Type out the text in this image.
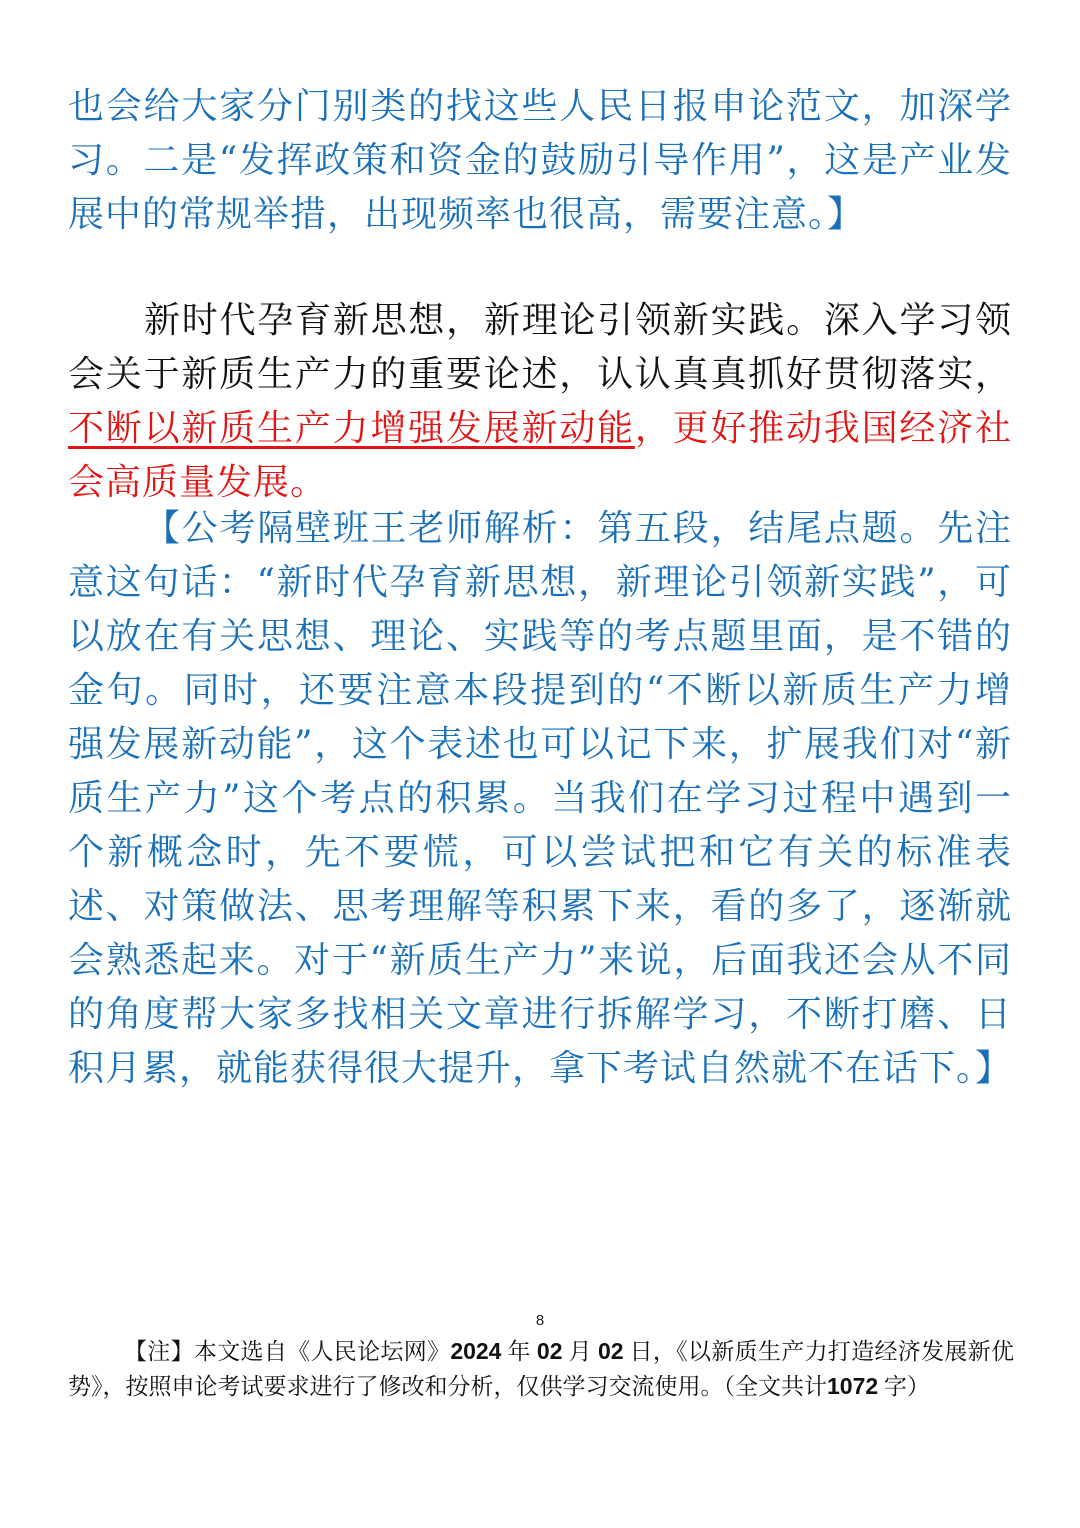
也会给大家分门别类的找这些人民日报申论范文，加深学习。二是“发挥政策和资金的鼓励引导作用”，这是产业发展中的常规举措，出现频率也很高，需要注意。】
新时代孕育新思想，新理论引领新实践。深入学习领会关于新质生产力的重要论述，认认真真抓好贯彻落实，不断以新质生产力增强发展新动能，更好推动我国经济社会高质量发展。
【公考隔壁班王老师解析：第五段，结尾点题。先注意这句话：“新时代孕育新思想，新理论引领新实践”，可以放在有关思想、理论、实践等的考点题里面，是不错的金句。同时，还要注意本段提到的“不断以新质生产力增强发展新动能”，这个表述也可以记下来，扩展我们对“新质生产力”这个考点的积累。当我们在学习过程中遇到一个新概念时，先不要慌，可以尝试把和它有关的标准表述、对策做法、思考理解等积累下来，看的多了，逐渐就会熟悉起来。对于“新质生产力”来说，后面我还会从不同的角度帮大家多找相关文章进行拆解学习，不断打磨、日积月累，就能获得很大提升，拿下考试自然就不在话下。】
8
【注】本文选自《人民论坛网》2024 年 02 月 02 日，《以新质生产力打造经济发展新优势》，按照申论考试要求进行了修改和分析，仅供学习交流使用。（全文共计1072 字）
